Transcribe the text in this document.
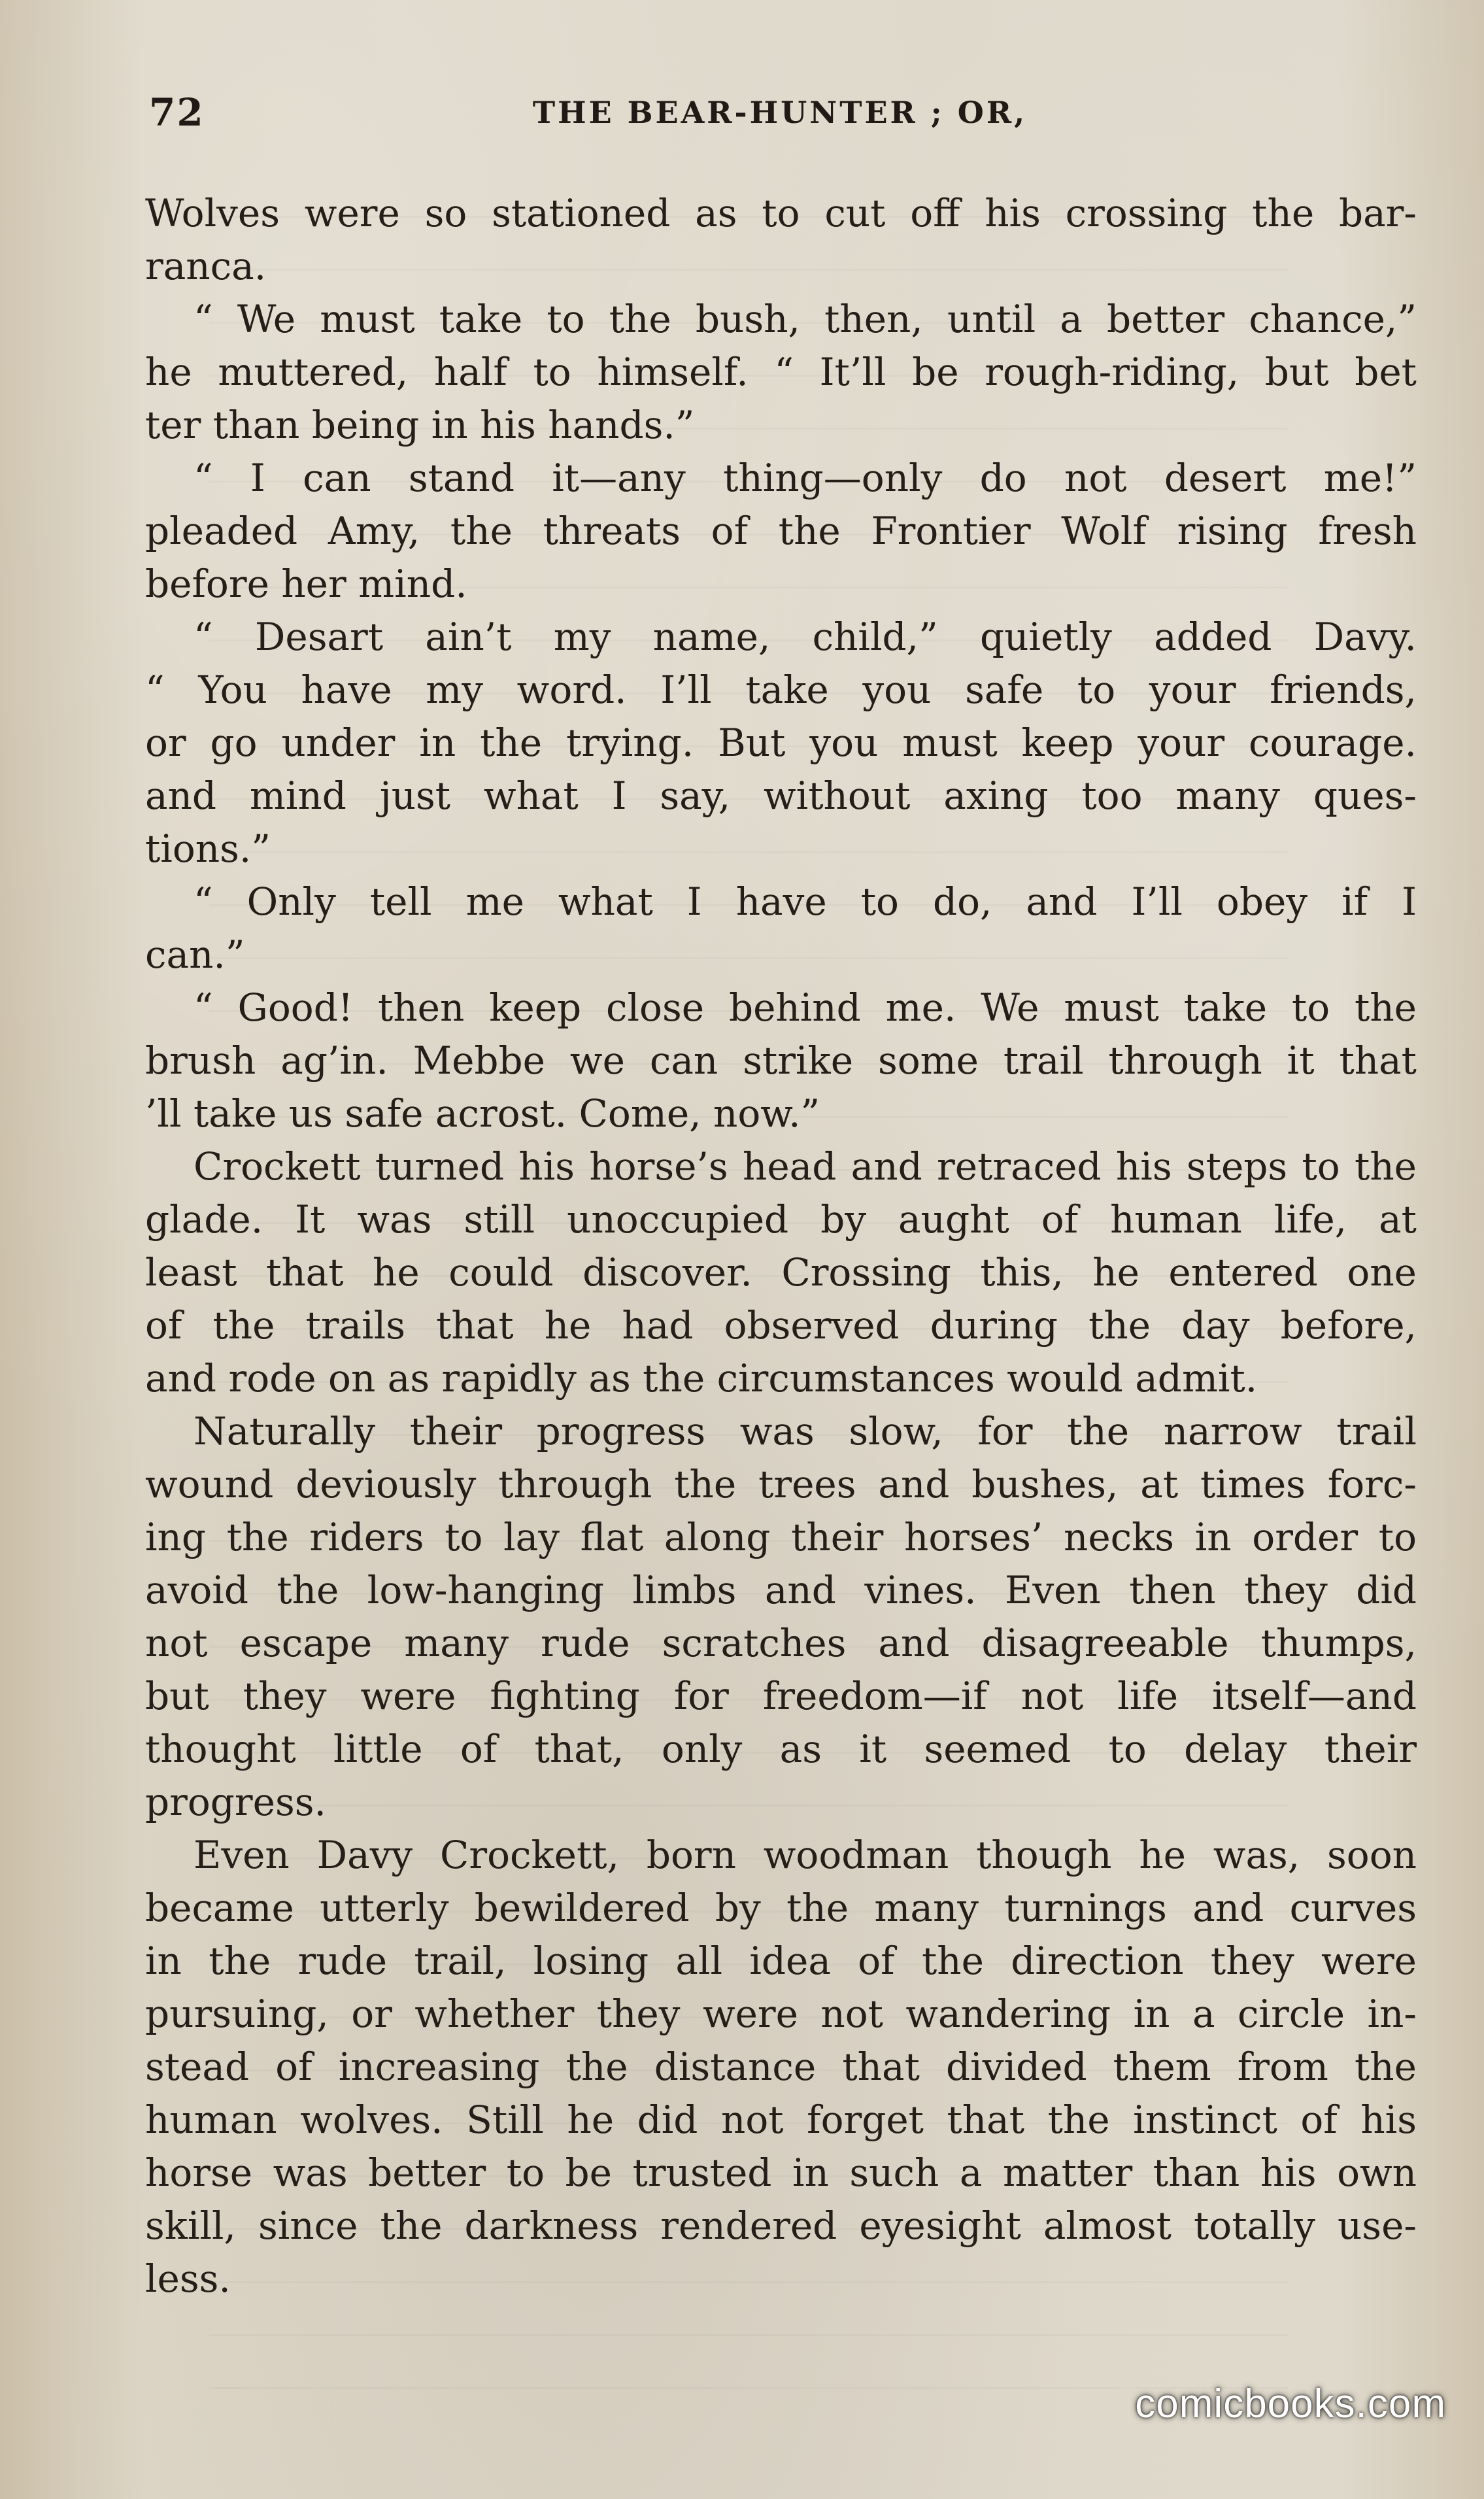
72	THE BEAR-HUNTER ; OR,
Wolves were so stationed as to cut off his crossing the bar-
ranca.
“ We must take to the bush, then, until a better chance,”
he muttered, half to himself. “ It’ll be rough-riding, but bet
ter than being in his hands.”
“ I can stand it—any thing—only do not desert me!”
pleaded Amy, the threats of the Frontier Wolf rising fresh
before her mind.
“ Desart ain’t my name, child,” quietly added Davy.
“ You have my word. I’ll take you safe to your friends,
or go under in the trying. But you must keep your courage.
and mind just what I say, without axing too many ques-
tions.”
“ Only tell me what I have to do, and I’ll obey if I
can.”
“ Good! then keep close behind me. We must take to the
brush ag’in. Mebbe we can strike some trail through it that
’ll take us safe acrost. Come, now.”
Crockett turned his horse’s head and retraced his steps to the
glade. It was still unoccupied by aught of human life, at
least that he could discover. Crossing this, he entered one
of the trails that he had observed during the day before,
and rode on as rapidly as the circumstances would admit.
Naturally their progress was slow, for the narrow trail
wound deviously through the trees and bushes, at times forc-
ing the riders to lay flat along their horses’ necks in order to
avoid the low-hanging limbs and vines. Even then they did
not escape many rude scratches and disagreeable thumps,
but they were fighting for freedom—if not life itself—and
thought little of that, only as it seemed to delay their
progress.
Even Davy Crockett, born woodman though he was, soon
became utterly bewildered by the many turnings and curves
in the rude trail, losing all idea of the direction they were
pursuing, or whether they were not wandering in a circle in-
stead of increasing the distance that divided them from the
human wolves. Still he did not forget that the instinct of his
horse was better to be trusted in such a matter than his own
skill, since the darkness rendered eyesight almost totally use-
less.
comicbooks.com
